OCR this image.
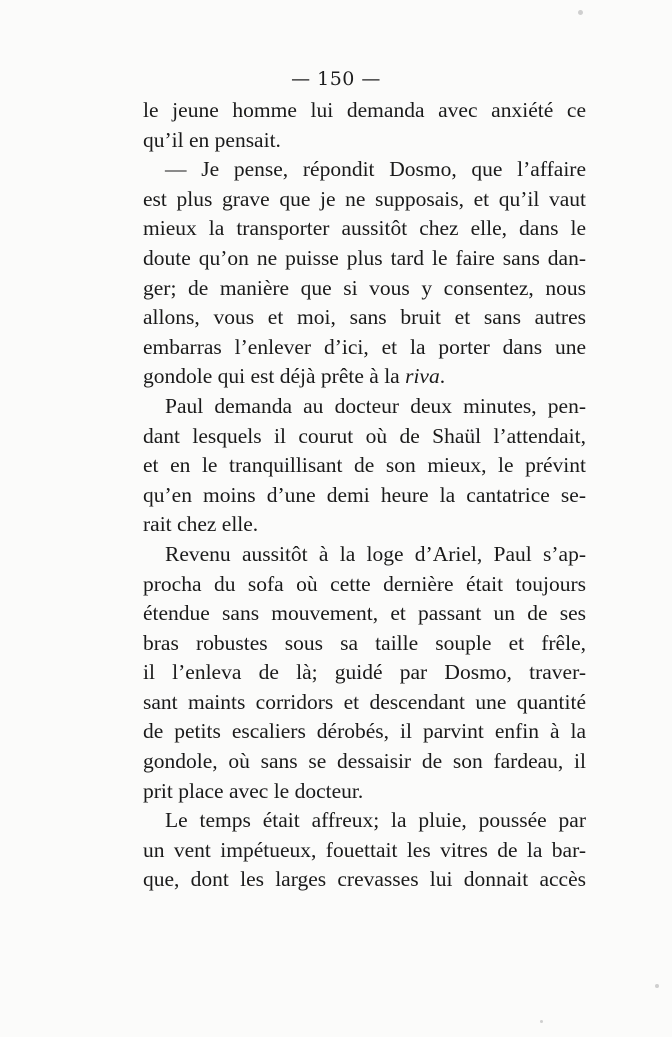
— 150 —
le jeune homme lui demanda avec anxiété ce
qu’il en pensait.
— Je pense, répondit Dosmo, que l’affaire
est plus grave que je ne supposais, et qu’il vaut
mieux la transporter aussitôt chez elle, dans le
doute qu’on ne puisse plus tard le faire sans dan-
ger; de manière que si vous y consentez, nous
allons, vous et moi, sans bruit et sans autres
embarras l’enlever d’ici, et la porter dans une
gondole qui est déjà prête à la riva.
Paul demanda au docteur deux minutes, pen-
dant lesquels il courut où de Shaül l’attendait,
et en le tranquillisant de son mieux, le prévint
qu’en moins d’une demi heure la cantatrice se-
rait chez elle.
Revenu aussitôt à la loge d’Ariel, Paul s’ap-
procha du sofa où cette dernière était toujours
étendue sans mouvement, et passant un de ses
bras robustes sous sa taille souple et frêle,
il l’enleva de là; guidé par Dosmo, traver-
sant maints corridors et descendant une quantité
de petits escaliers dérobés, il parvint enfin à la
gondole, où sans se dessaisir de son fardeau, il
prit place avec le docteur.
Le temps était affreux; la pluie, poussée par
un vent impétueux, fouettait les vitres de la bar-
que, dont les larges crevasses lui donnait accès
